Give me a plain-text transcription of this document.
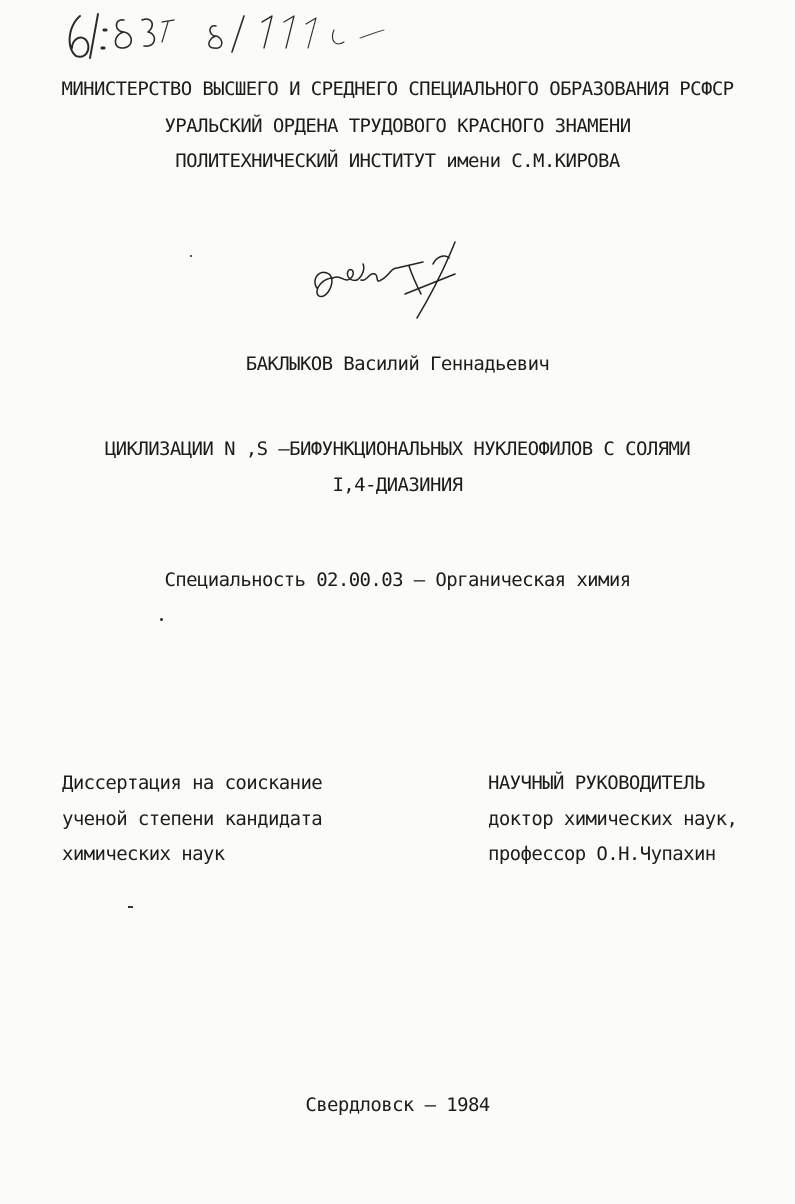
61:83 8/1778 с
МИНИСТЕРСТВО ВЫСШЕГО И СРЕДНЕГО СПЕЦИАЛЬНОГО ОБРАЗОВАНИЯ РСФСР
УРАЛЬСКИЙ ОРДЕНА ТРУДОВОГО КРАСНОГО ЗНАМЕНИ
ПОЛИТЕХНИЧЕСКИЙ ИНСТИТУТ имени С.М.КИРОВА
БАКЛЫКОВ Василий Геннадьевич
ЦИКЛИЗАЦИИ N ,S –БИФУНКЦИОНАЛЬНЫХ НУКЛЕОФИЛОВ С СОЛЯМИ
I,4-ДИАЗИНИЯ
Специальность 02.00.03 – Органическая химия
Диссертация на соискание
ученой степени кандидата
химических наук
НАУЧНЫЙ РУКОВОДИТЕЛЬ
доктор химических наук,
профессор О.Н.Чупахин
Свердловск – 1984
